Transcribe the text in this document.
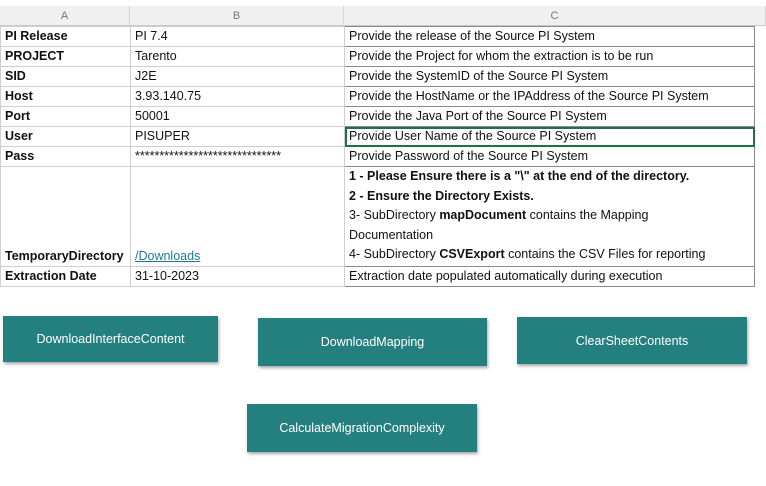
A	B	C
PI Release	PI 7.4	Provide the release of the Source PI System
PROJECT	Tarento	Provide the Project for whom the extraction is to be run
SID	J2E	Provide the SystemID of the Source PI System
Host	3.93.140.75	Provide the HostName or the IPAddress of the Source PI System
Port	50001	Provide the Java Port of the Source PI System
User	PISUPER	Provide User Name of the Source PI System
Pass	******************************	Provide Password of the Source PI System
TemporaryDirectory	/Downloads	1 - Please Ensure there is a "\" at the end of the directory.
2 - Ensure the Directory Exists.
3- SubDirectory mapDocument contains the Mapping
Documentation
4- SubDirectory CSVExport contains the CSV Files for reporting

Extraction Date	31-10-2023	Extraction date populated automatically during execution
DownloadInterfaceContent	DownloadMapping	ClearSheetContents
CalculateMigrationComplexity
